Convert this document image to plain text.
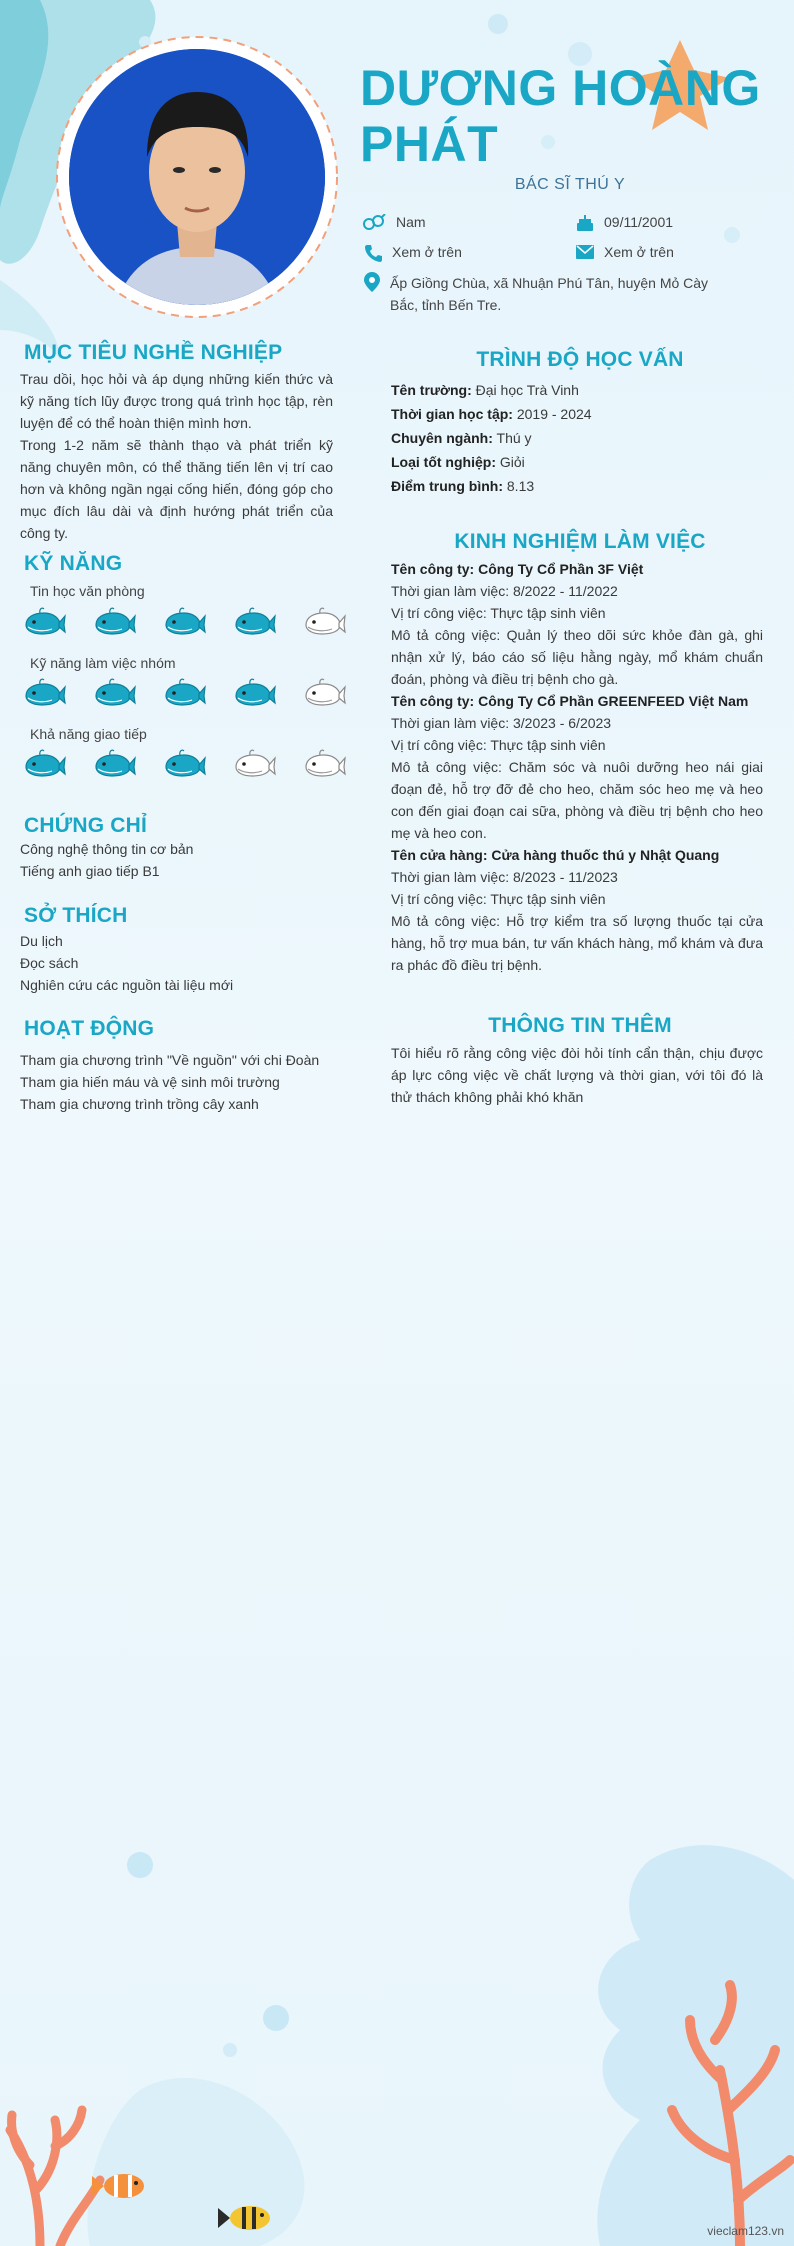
DƯƠNG HOÀNG PHÁT
BÁC SĨ THÚ Y
Nam	09/11/2001
Xem ở trên	Xem ở trên
Ấp Giồng Chùa, xã Nhuận Phú Tân, huyện Mỏ Cày Bắc, tỉnh Bến Tre.
MỤC TIÊU NGHỀ NGHIỆP
Trau dồi, học hỏi và áp dụng những kiến thức và kỹ năng tích lũy được trong quá trình học tập, rèn luyện để có thể hoàn thiện mình hơn.
Trong 1-2 năm sẽ thành thạo và phát triển kỹ năng chuyên môn, có thể thăng tiến lên vị trí cao hơn và không ngần ngại cống hiến, đóng góp cho mục đích lâu dài và định hướng phát triển của công ty.
KỸ NĂNG
Tin học văn phòng
Kỹ năng làm việc nhóm
Khả năng giao tiếp
CHỨNG CHỈ
Công nghệ thông tin cơ bản
Tiếng anh giao tiếp B1
SỞ THÍCH
Du lịch
Đọc sách
Nghiên cứu các nguồn tài liệu mới
HOẠT ĐỘNG
Tham gia chương trình "Về nguồn" với chi Đoàn
Tham gia hiến máu và vệ sinh môi trường
Tham gia chương trình trồng cây xanh
TRÌNH ĐỘ HỌC VẤN
Tên trường: Đại học Trà Vinh
Thời gian học tập: 2019 - 2024
Chuyên ngành: Thú y
Loại tốt nghiệp: Giỏi
Điểm trung bình: 8.13
KINH NGHIỆM LÀM VIỆC
Tên công ty: Công Ty Cổ Phần 3F Việt
Thời gian làm việc: 8/2022 - 11/2022
Vị trí công việc: Thực tập sinh viên
Mô tả công việc: Quản lý theo dõi sức khỏe đàn gà, ghi nhận xử lý, báo cáo số liệu hằng ngày, mổ khám chuẩn đoán, phòng và điều trị bệnh cho gà.
Tên công ty: Công Ty Cổ Phần GREENFEED Việt Nam
Thời gian làm việc: 3/2023 - 6/2023
Vị trí công việc: Thực tập sinh viên
Mô tả công việc: Chăm sóc và nuôi dưỡng heo nái giai đoạn đẻ, hỗ trợ đỡ đẻ cho heo, chăm sóc heo mẹ và heo con đến giai đoạn cai sữa, phòng và điều trị bệnh cho heo mẹ và heo con.
Tên cửa hàng: Cửa hàng thuốc thú y Nhật Quang
Thời gian làm việc: 8/2023 - 11/2023
Vị trí công việc: Thực tập sinh viên
Mô tả công việc: Hỗ trợ kiểm tra số lượng thuốc tại cửa hàng, hỗ trợ mua bán, tư vấn khách hàng, mổ khám và đưa ra phác đồ điều trị bệnh.
THÔNG TIN THÊM
Tôi hiểu rõ rằng công việc đòi hỏi tính cẩn thận, chịu được áp lực công việc về chất lượng và thời gian, với tôi đó là thử thách không phải khó khăn
vieclam123.vn
